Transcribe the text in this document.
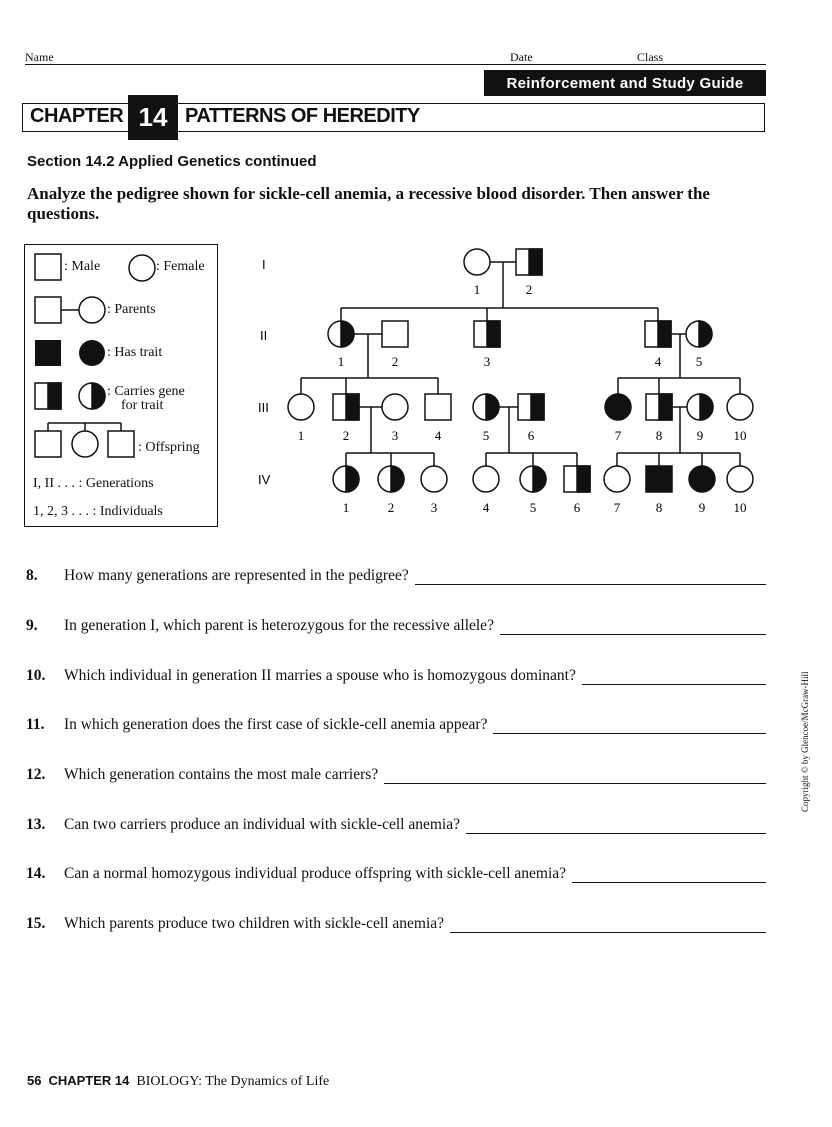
Name	Date	Class
Reinforcement and Study Guide
CHAPTER 14 PATTERNS OF HEREDITY
Section 14.2 Applied Genetics continued
Analyze the pedigree shown for sickle-cell anemia, a recessive blood disorder. Then answer the questions.
: Male	: Female
: Parents
: Has trait
: Carries gene
for trait
: Offspring
I, II . . . : Generations
1, 2, 3 . . . : Individuals
I
II
III
IV
1	2
1	2	3	4	5
1	2	3	4	5	6	7	8	9 10
1	2	3	4	5	6	7	8	9 10
8. How many generations are represented in the pedigree?
9. In generation I, which parent is heterozygous for the recessive allele?
10. Which individual in generation II marries a spouse who is homozygous dominant?
11. In which generation does the first case of sickle-cell anemia appear?
12. Which generation contains the most male carriers?
13. Can two carriers produce an individual with sickle-cell anemia?
14. Can a normal homozygous individual produce offspring with sickle-cell anemia?
15. Which parents produce two children with sickle-cell anemia?
Copyright © by Glencoe/McGraw-Hill
56 CHAPTER 14 BIOLOGY: The Dynamics of Life
